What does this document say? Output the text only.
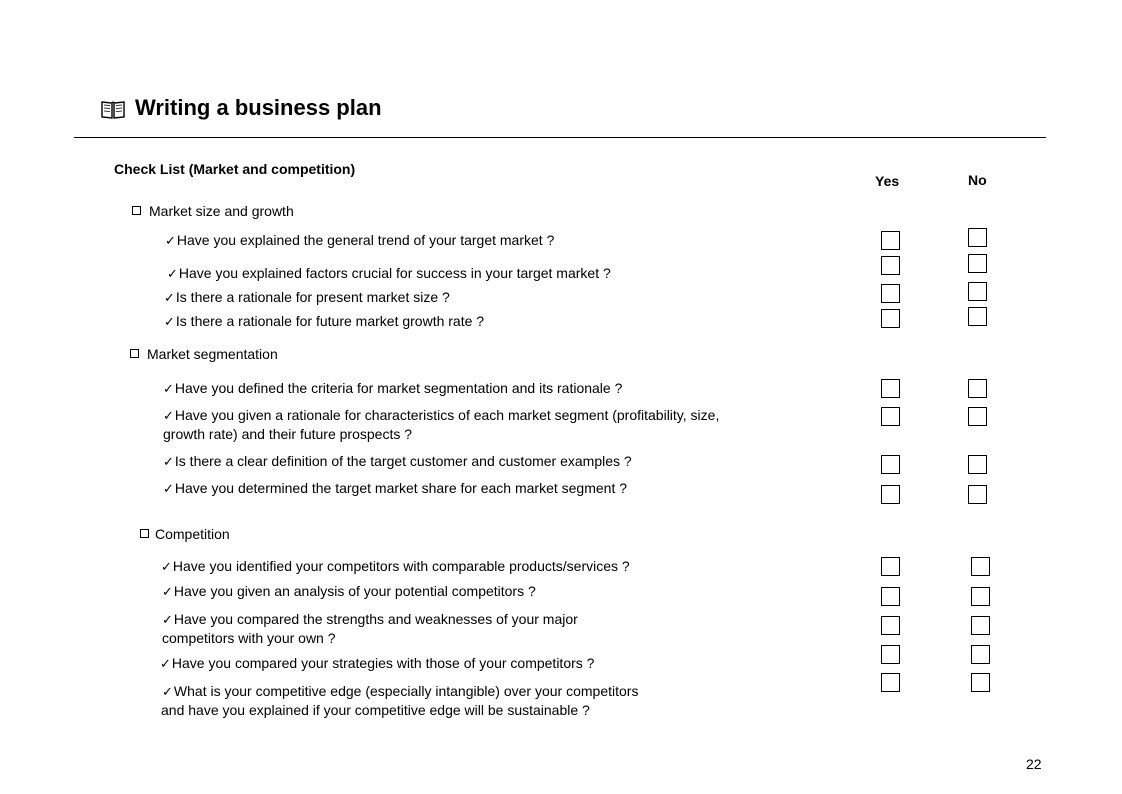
Writing a business plan
Check List (Market and competition)
Yes	No
Market size and growth
✓Have you explained the general trend of your target market ?
✓Have you explained factors crucial for success in your target market ?
✓Is there a rationale for present market size ?
✓Is there a rationale for future market growth rate ?
Market segmentation
✓Have you defined the criteria for market segmentation and its rationale ?
✓Have you given a rationale for characteristics of each market segment (profitability, size,
growth rate) and their future prospects ?
✓Is there a clear definition of the target customer and customer examples ?
✓Have you determined the target market share for each market segment ?
Competition
✓Have you identified your competitors with comparable products/services ?
✓Have you given an analysis of your potential competitors ?
✓Have you compared the strengths and weaknesses of your major
competitors with your own ?
✓Have you compared your strategies with those of your competitors ?
✓What is your competitive edge (especially intangible) over your competitors
and have you explained if your competitive edge will be sustainable ?
22
